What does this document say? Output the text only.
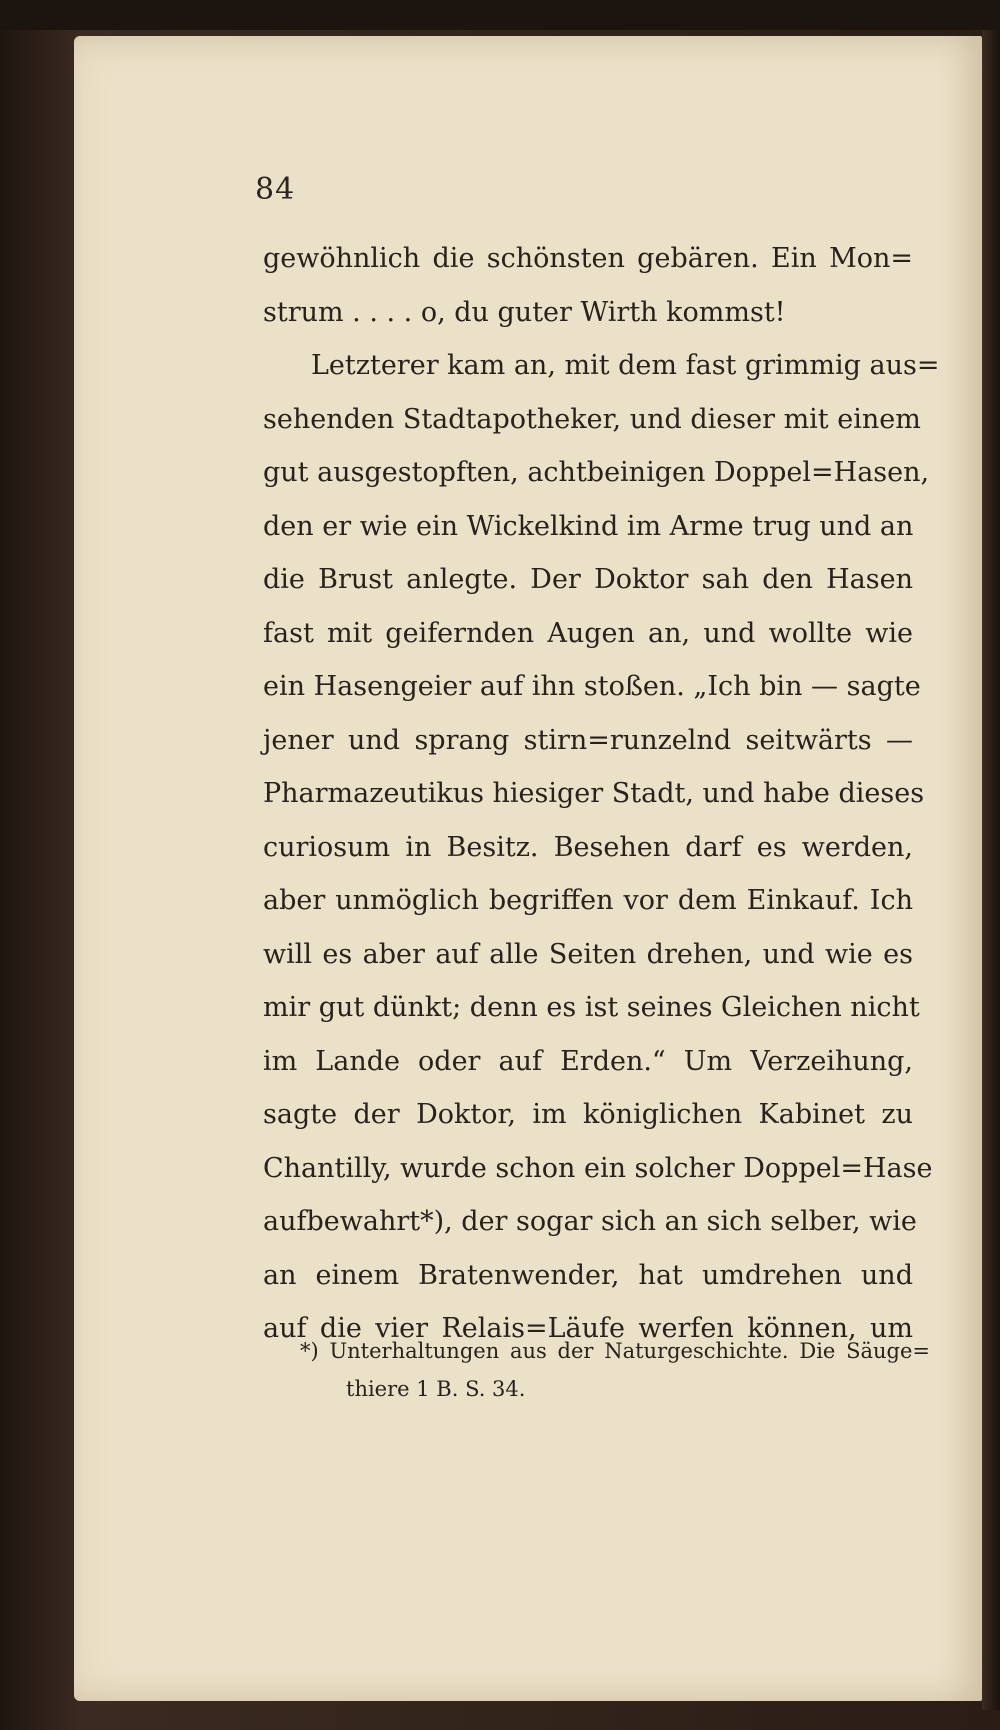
84
gewöhnlich die schönsten gebären. Ein Mon=
strum . . . . o, du guter Wirth kommst!
Letzterer kam an, mit dem fast grimmig aus=
sehenden Stadtapotheker, und dieser mit einem
gut ausgestopften, achtbeinigen Doppel=Hasen,
den er wie ein Wickelkind im Arme trug und an
die Brust anlegte. Der Doktor sah den Hasen
fast mit geifernden Augen an, und wollte wie
ein Hasengeier auf ihn stoßen. „Ich bin — sagte
jener und sprang stirn=runzelnd seitwärts —
Pharmazeutikus hiesiger Stadt, und habe dieses
curiosum in Besitz. Besehen darf es werden,
aber unmöglich begriffen vor dem Einkauf. Ich
will es aber auf alle Seiten drehen, und wie es
mir gut dünkt; denn es ist seines Gleichen nicht
im Lande oder auf Erden.“ Um Verzeihung,
sagte der Doktor, im königlichen Kabinet zu
Chantilly, wurde schon ein solcher Doppel=Hase
aufbewahrt*), der sogar sich an sich selber, wie
an einem Bratenwender, hat umdrehen und
auf die vier Relais=Läufe werfen können, um
*) Unterhaltungen aus der Naturgeschichte. Die Säuge=
thiere 1 B. S. 34.
